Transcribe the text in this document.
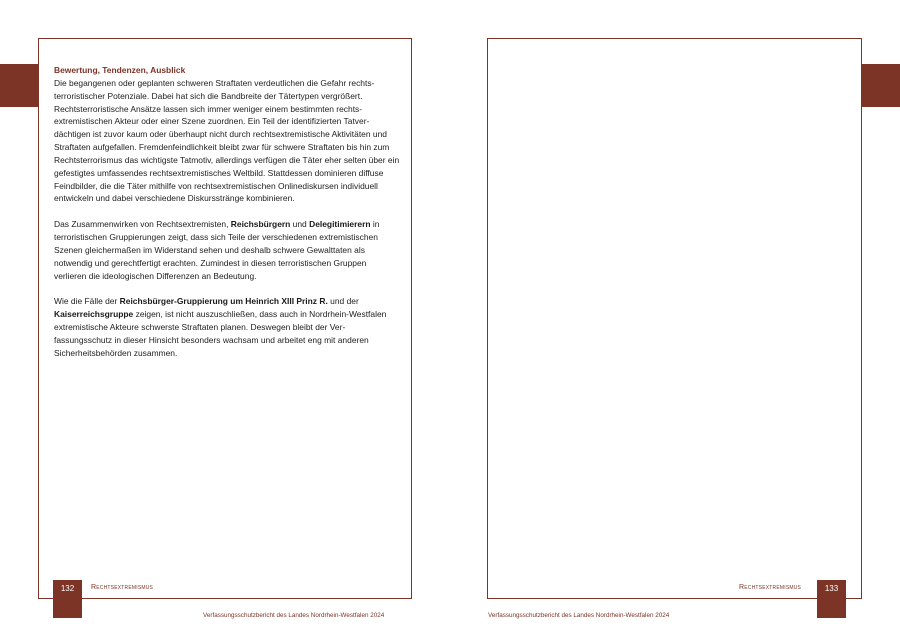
Bewertung, Tendenzen, Ausblick

Die begangenen oder geplanten schweren Straftaten verdeutlichen die Gefahr rechtsterroristischer Potenziale. Dabei hat sich die Bandbreite der Tätertypen vergrößert. Rechtsterroristische Ansätze lassen sich immer weniger einem bestimmten rechtsextremistischen Akteur oder einer Szene zuordnen. Ein Teil der identifizierten Tatverdächtigen ist zuvor kaum oder überhaupt nicht durch rechtsextremistische Aktivitäten und Straftaten aufgefallen. Fremdenfeindlichkeit bleibt zwar für schwere Straftaten bis hin zum Rechtsterrorismus das wichtigste Tatmotiv, allerdings verfügen die Täter eher selten über ein gefestigtes umfassendes rechtsextremistisches Weltbild. Stattdessen dominieren diffuse Feindbilder, die die Täter mithilfe von rechtsextremistischen Onlinediskursen individuell entwickeln und dabei verschiedene Diskursstränge kombinieren.

Das Zusammenwirken von Rechtsextremisten, Reichsbürgern und Delegitimierern in terroristischen Gruppierungen zeigt, dass sich Teile der verschiedenen extremistischen Szenen gleichermaßen im Widerstand sehen und deshalb schwere Gewalttaten als notwendig und gerechtfertigt erachten. Zumindest in diesen terroristischen Gruppen verlieren die ideologischen Differenzen an Bedeutung.

Wie die Fälle der Reichsbürger-Gruppierung um Heinrich XIII Prinz R. und der Kaiserreichsgruppe zeigen, ist nicht auszuschließen, dass auch in Nordrhein-Westfalen extremistische Akteure schwerste Straftaten planen. Deswegen bleibt der Verfassungsschutz in dieser Hinsicht besonders wachsam und arbeitet eng mit anderen Sicherheitsbehörden zusammen.

132	Rechtsextremismus	133
Rechtsextremismus
Verfassungsschutzbericht des Landes Nordrhein-Westfalen 2024	Verfassungsschutzbericht des Landes Nordrhein-Westfalen 2024
